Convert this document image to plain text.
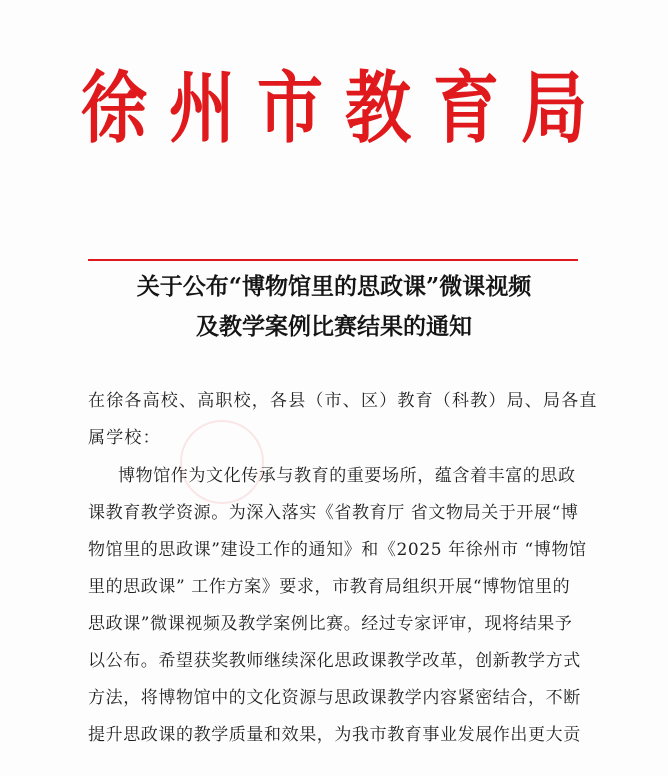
徐州市教育局
关于公布“博物馆里的思政课”微课视频
及教学案例比赛结果的通知
在徐各高校、高职校，各县（市、区）教育（科教）局、局各直
属学校：
博物馆作为文化传承与教育的重要场所，蕴含着丰富的思政
课教育教学资源。为深入落实《省教育厅 省文物局关于开展“博
物馆里的思政课”建设工作的通知》和《2025 年徐州市 “博物馆
里的思政课” 工作方案》要求，市教育局组织开展“博物馆里的
思政课”微课视频及教学案例比赛。经过专家评审，现将结果予
以公布。希望获奖教师继续深化思政课教学改革，创新教学方式
方法，将博物馆中的文化资源与思政课教学内容紧密结合，不断
提升思政课的教学质量和效果，为我市教育事业发展作出更大贡
